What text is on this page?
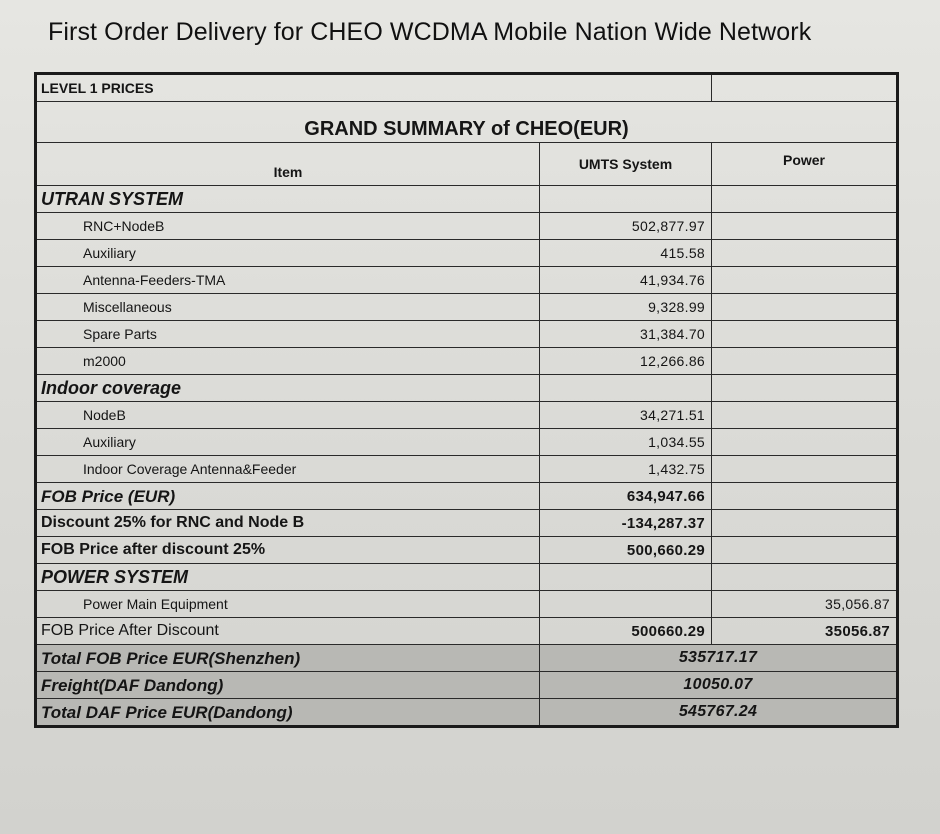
First Order Delivery for CHEO WCDMA Mobile Nation Wide Network
LEVEL 1 PRICES		
GRAND SUMMARY of CHEO(EUR)		
Item	UMTS System	Power
UTRAN SYSTEM		
RNC+NodeB	502,877.97	
Auxiliary	415.58	
Antenna-Feeders-TMA	41,934.76	
Miscellaneous	9,328.99	
Spare Parts	31,384.70	
m2000	12,266.86	
Indoor coverage		
NodeB	34,271.51	
Auxiliary	1,034.55	
Indoor Coverage Antenna&Feeder	1,432.75	
FOB Price (EUR)	634,947.66	
Discount 25% for RNC and Node B	-134,287.37	
FOB Price after discount 25%	500,660.29	
POWER SYSTEM		
Power Main Equipment		35,056.87
FOB Price After Discount	500660.29	35056.87
Total FOB Price EUR(Shenzhen)	535717.17	
Freight(DAF Dandong)	10050.07	
Total DAF Price EUR(Dandong)	545767.24	
